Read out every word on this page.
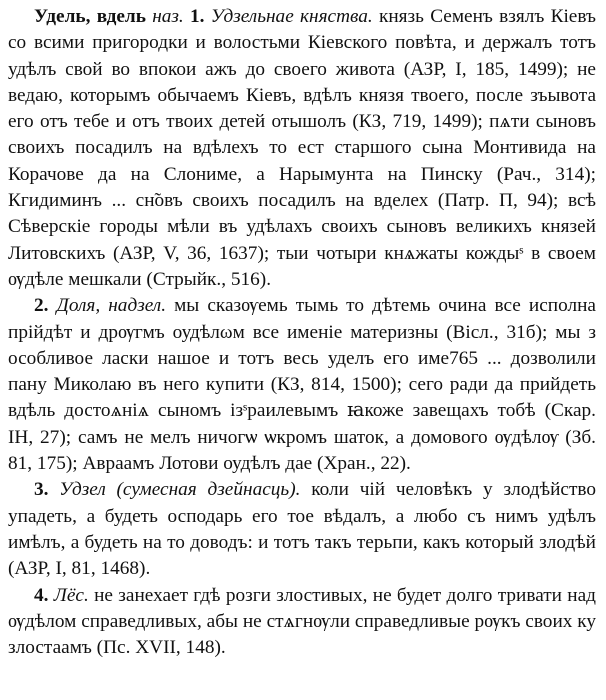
Удель, вдель наз. 1. Удзельнае княства. князь Семенъ взялъ Кіевъ со всими пригородки и волостьми Кіевского повѣта, и держалъ тотъ удѣлъ свой во впокои ажъ до своего живота (АЗР, I, 185, 1499); не ведаю, которымъ обычаемъ Кіевъ, вдѣлъ князя твоего, после зъывота его отъ тебе и отъ твоих детей отышолъ (КЗ, 719, 1499); пѧти сыновъ своихъ посадилъ на вдѣлехъ то ест старшого сына Монтивида на Корачове да на Слониме, а Нарымунта на Пинску (Рач., 314); Кгидиминъ ... сн̃овъ своихъ посадилъ на вделех (Патр. П, 94); всѣ Сѣверскіе городы мѣли въ удѣлахъ своихъ сыновъ великихъ князей Литовскихъ (АЗР, V, 36, 1637); тыи чотыри кнѧжаты кождыˢ в своем ѹдѣле мешкали (Стрыйк., 516).

2. Доля, надзел. мы сказѹемь тымь то дѣтемь очина все исполна прійдѣт и дрѹгмъ оудѣлωм все именіе материзны (Вісл., 31б); мы з особливое ласки нашое и тотъ весь уделъ его име765 ... дозволили пану Миколаю въ него купити (КЗ, 814, 1500); сего ради да прийдеть вдѣль достоѧніѧ сыномъ ізˢраилевымъ ꙗкоже завещахъ тобѣ (Скар. ІН, 27); самъ не мелъ ничогѡ ѡкромъ шаток, а домового ѹдѣлѹ (Зб. 81, 175); Авраамъ Лотови оудѣлъ дае (Хран., 22).

3. Удзел (сумесная дзейнасць). коли чій человѣкъ у злодѣйство упадеть, а будеть осподарь его тое вѣдалъ, а любо съ нимъ удѣлъ имѣлъ, а будеть на то доводъ: и тотъ такъ терьпи, какъ который злодѣй (АЗР, I, 81, 1468).

4. Лёс. не занехает гдѣ розги злостивых, не будет долго тривати над ѹдѣлом справедливых, абы не стѧгнѹли справедливые рѹкъ своих ку злостаамъ (Пс. XVII, 148).
